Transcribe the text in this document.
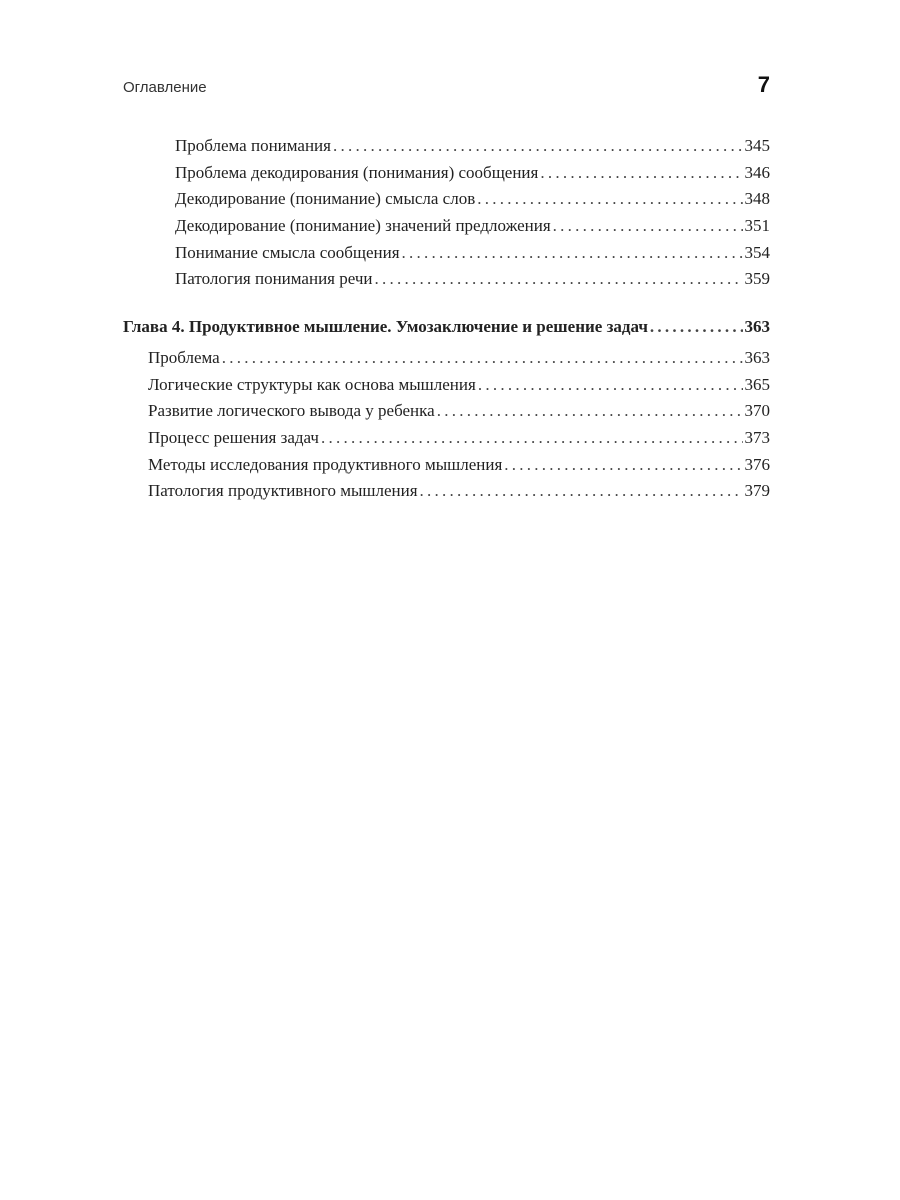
Оглавление	7
Проблема понимания . . .	345
Проблема декодирования (понимания) сообщения . . .	346
Декодирование (понимание) смысла слов . . .	348
Декодирование (понимание) значений предложения . . .	351
Понимание смысла сообщения . . .	354
Патология понимания речи . . .	359
Глава 4. Продуктивное мышление. Умозаключение и решение задач . . .	363
Проблема . . .	363
Логические структуры как основа мышления . . .	365
Развитие логического вывода у ребенка . . .	370
Процесс решения задач . . .	373
Методы исследования продуктивного мышления . . .	376
Патология продуктивного мышления . . .	379
